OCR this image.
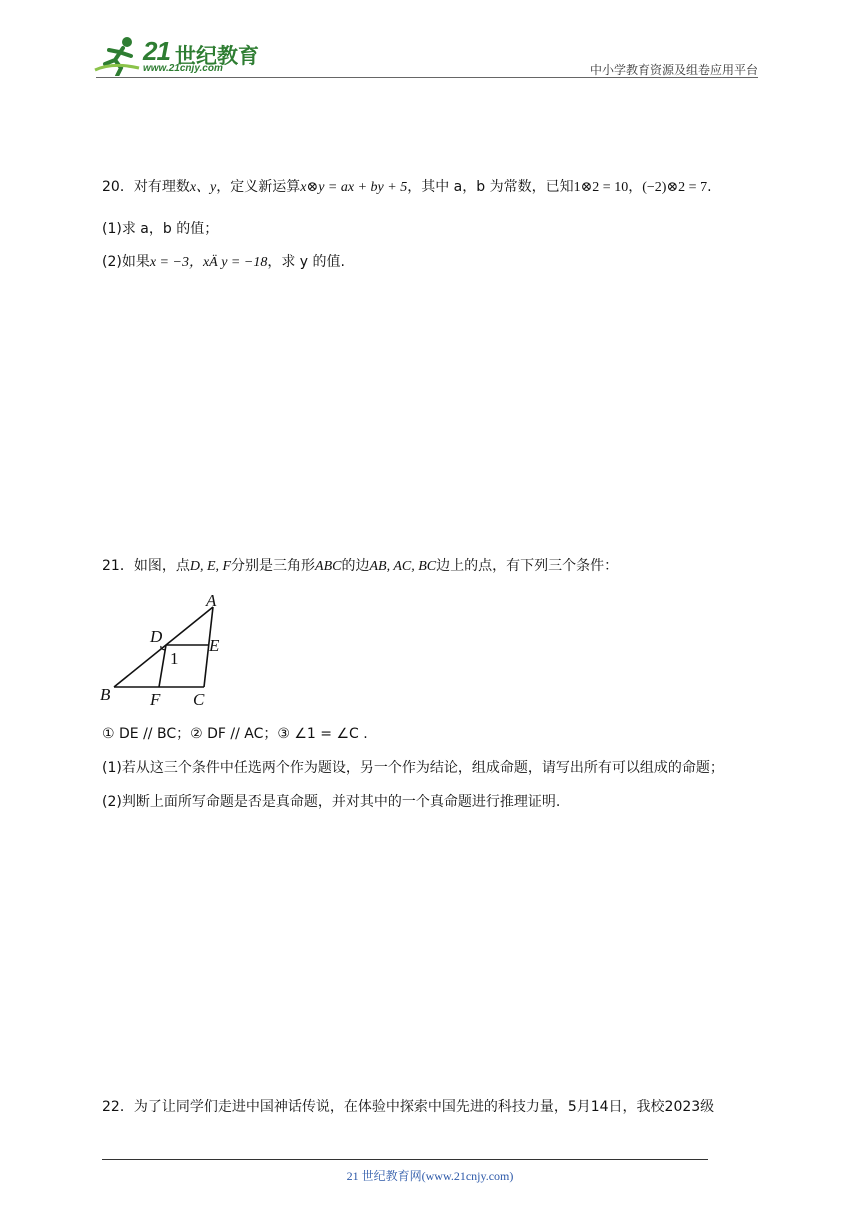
21 世纪教育
www.21cnjy.com	中小学教育资源及组卷应用平台
20．对有理数x、y，定义新运算x⊗y = ax + by + 5，其中 a，b 为常数，已知1⊗2 = 10，(−2)⊗2 = 7.
(1)求 a，b 的值；
(2)如果x = −3，xÄ y = −18，求 y 的值.
21．如图，点D, E, F分别是三角形ABC的边AB, AC, BC边上的点，有下列三个条件：
A
B	C
D	E
F
1
① DE // BC；② DF // AC；③ ∠1 = ∠C .
(1)若从这三个条件中任选两个作为题设，另一个作为结论，组成命题，请写出所有可以组成的命题；
(2)判断上面所写命题是否是真命题，并对其中的一个真命题进行推理证明.
22．为了让同学们走进中国神话传说，在体验中探索中国先进的科技力量，5月14日，我校2023级
21 世纪教育网(www.21cnjy.com)
